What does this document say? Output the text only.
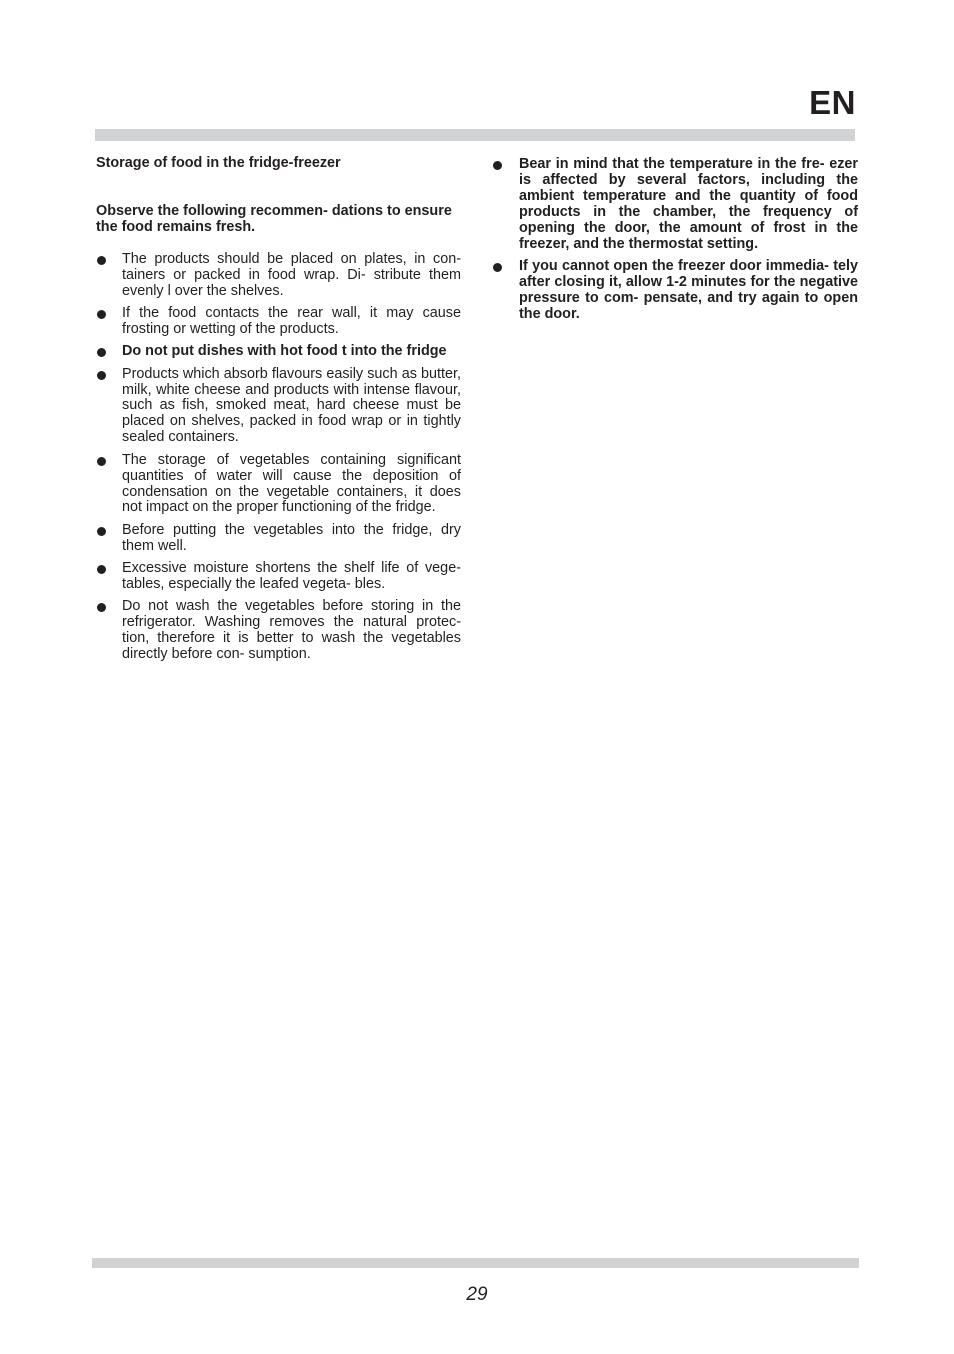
EN

Storage of food in the fridge-freezer

Observe the following recommen- dations to ensure the food remains fresh.

The products should be placed on plates, in con- tainers or packed in food wrap. Di- stribute them evenly l over the shelves.
If the food contacts the rear wall, it may cause frosting or wetting of the products.
Do not put dishes with hot food t into the fridge
Products which absorb flavours easily such as butter, milk, white cheese and products with intense flavour, such as fish, smoked meat, hard cheese must be placed on shelves, packed in food wrap or in tightly sealed containers.
The storage of vegetables containing significant quantities of water will cause the deposition of condensation on the vegetable containers, it does not impact on the proper functioning of the fridge.
Before putting the vegetables into the fridge, dry them well.
Excessive moisture shortens the shelf life of vege- tables, especially the leafed vegeta- bles.
Do not wash the vegetables before storing in the refrigerator. Washing removes the natural protec- tion, therefore it is better to wash the vegetables directly before con- sumption.
Bear in mind that the temperature in the fre- ezer is affected by several factors, including the ambient temperature and the quantity of food products in the chamber, the frequency of opening the door, the amount of frost in the freezer, and the thermostat setting.
If you cannot open the freezer door immedia- tely after closing it, allow 1-2 minutes for the negative pressure to com- pensate, and try again to open the door.
29
